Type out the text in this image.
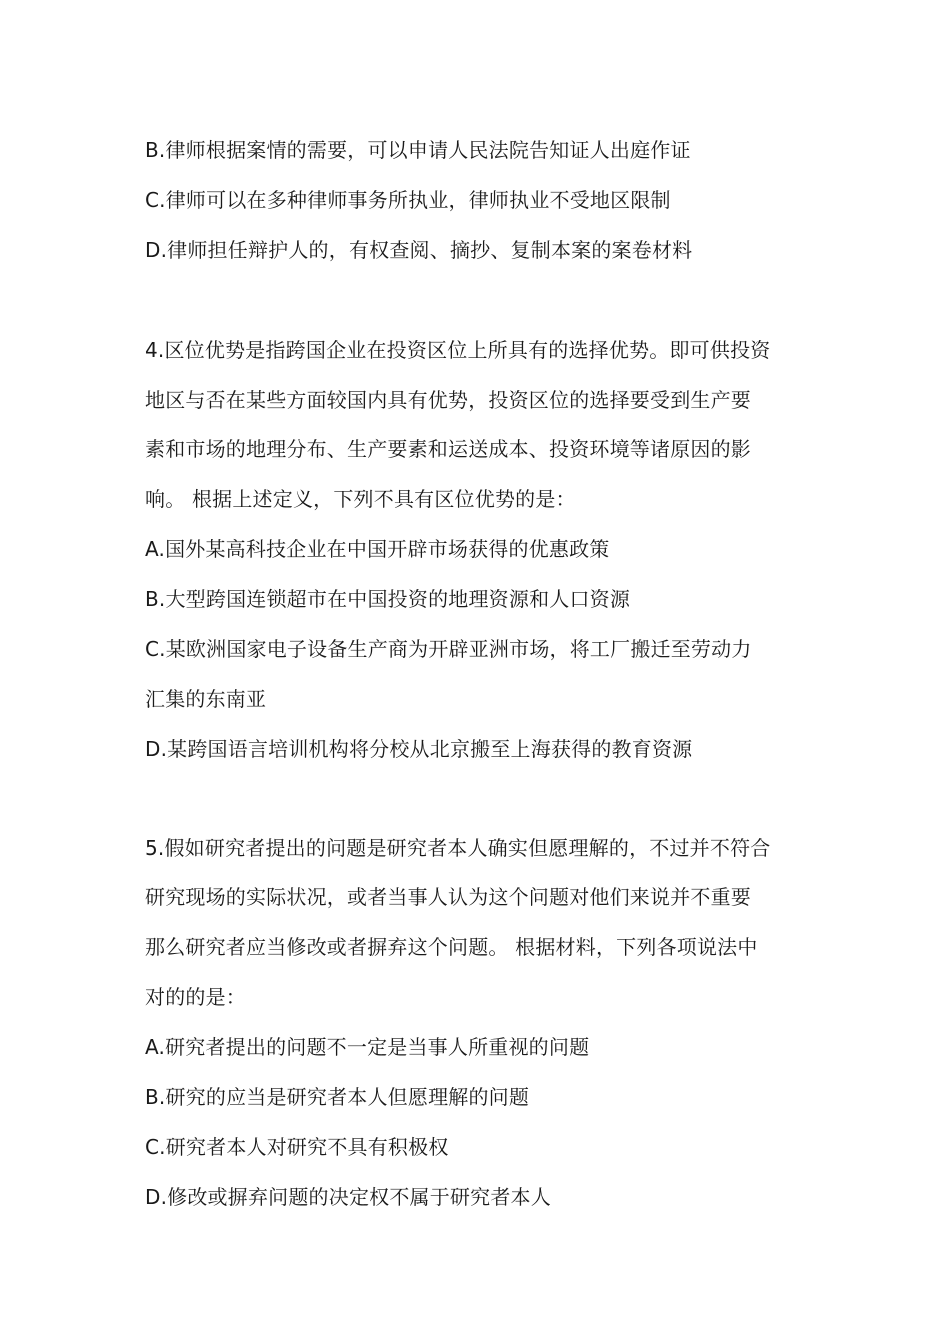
B.律师根据案情的需要，可以申请人民法院告知证人出庭作证
C.律师可以在多种律师事务所执业，律师执业不受地区限制
D.律师担任辩护人的，有权查阅、摘抄、复制本案的案卷材料
4.区位优势是指跨国企业在投资区位上所具有的选择优势。即可供投资
地区与否在某些方面较国内具有优势，投资区位的选择要受到生产要
素和市场的地理分布、生产要素和运送成本、投资环境等诸原因的影
响。 根据上述定义，下列不具有区位优势的是：
A.国外某高科技企业在中国开辟市场获得的优惠政策
B.大型跨国连锁超市在中国投资的地理资源和人口资源
C.某欧洲国家电子设备生产商为开辟亚洲市场，将工厂搬迁至劳动力
汇集的东南亚
D.某跨国语言培训机构将分校从北京搬至上海获得的教育资源
5.假如研究者提出的问题是研究者本人确实但愿理解的，不过并不符合
研究现场的实际状况，或者当事人认为这个问题对他们来说并不重要
那么研究者应当修改或者摒弃这个问题。 根据材料，下列各项说法中
对的的是：
A.研究者提出的问题不一定是当事人所重视的问题
B.研究的应当是研究者本人但愿理解的问题
C.研究者本人对研究不具有积极权
D.修改或摒弃问题的决定权不属于研究者本人
